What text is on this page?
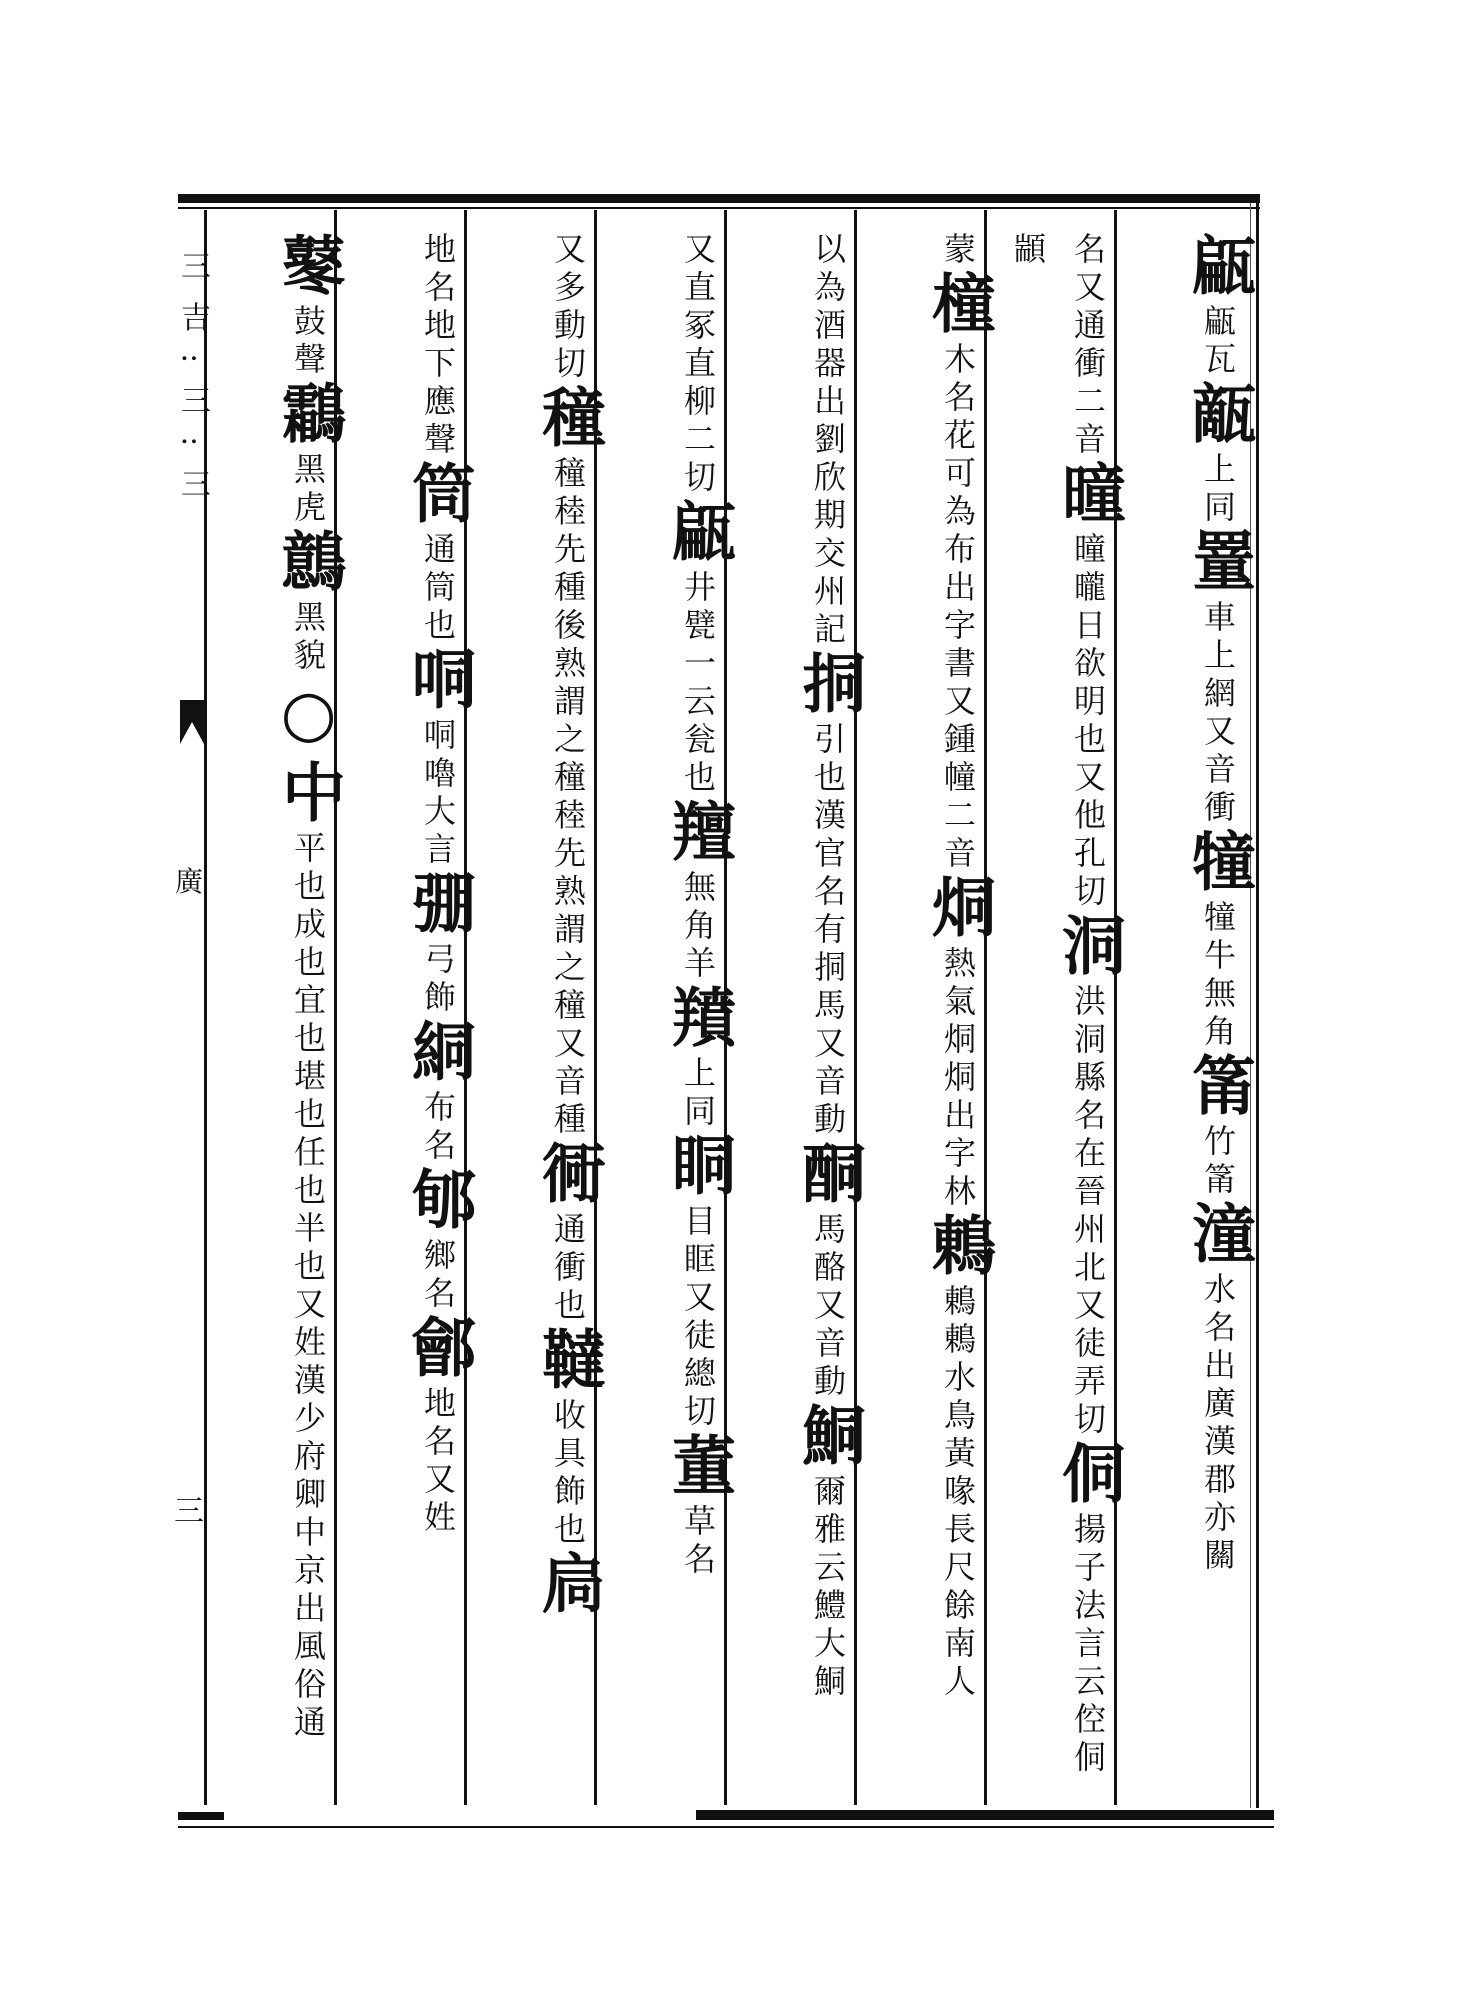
三 吉 : 三 : 三
廣
三
甂甂瓦甋上同罿車上網又音衝犝犝牛無角筩竹筩潼水名出廣漢郡亦關
名又通衝二音曈曈曨日欲明也又他孔切洞洪洞縣名在晉州北又徒弄切侗揚子法言云倥侗顓
蒙橦木名花可為布出字書又鍾幢二音烔熱氣烔烔出字林鶇鶇鶇水鳥黃喙長尺餘南人
以為酒器出劉欣期交州記挏引也漢官名有挏馬又音動酮馬酪又音動鮦爾雅云鱧大鮦
又直冢直柳二切甂井甓一云瓮也羶無角羊羵上同眮目眶又徒總切董草名
又多動切穜穜稑先種後熟謂之穜稑先熟謂之穜又音種衕通衝也韃收具飾也扃
地名地下應聲筒通筒也哃哃嚕大言弸弓飾絧布名郇鄉名鄶地名又姓
鼕鼓聲鸘黑虎鷾黑貌○中平也成也宜也堪也任也半也又姓漢少府卿中京出風俗通
